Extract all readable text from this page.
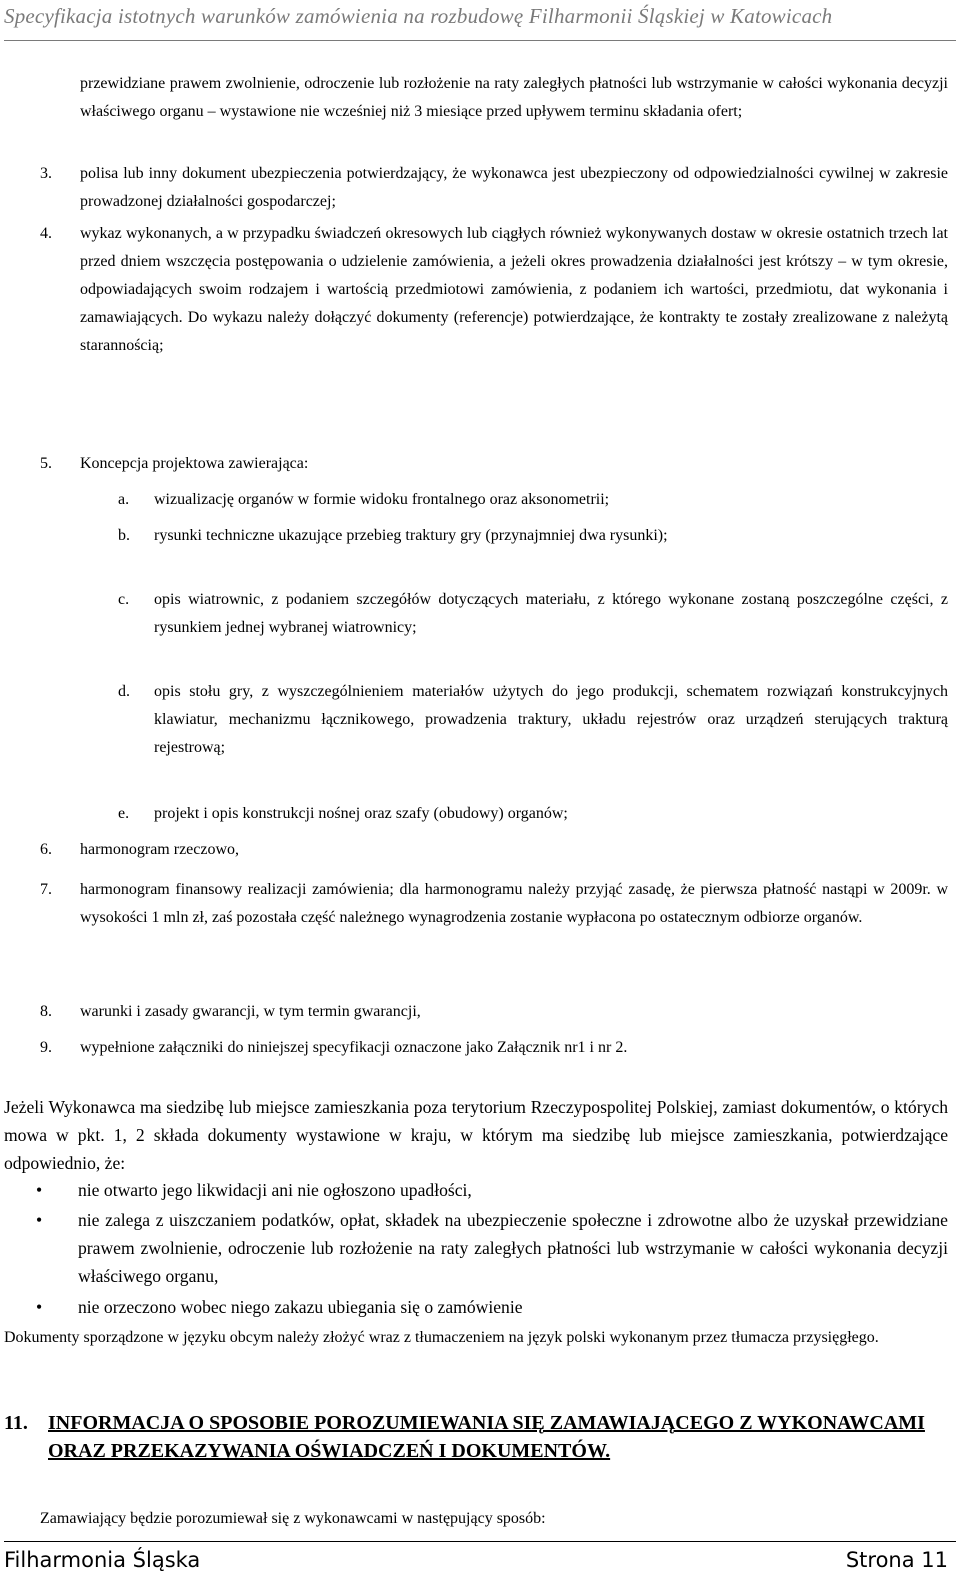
Specyfikacja istotnych warunków zamówienia na rozbudowę Filharmonii Śląskiej w Katowicach
przewidziane prawem zwolnienie, odroczenie lub rozłożenie na raty zaległych płatności lub wstrzymanie w całości wykonania decyzji właściwego organu – wystawione nie wcześniej niż 3 miesiące przed upływem terminu składania ofert;
3. polisa lub inny dokument ubezpieczenia potwierdzający, że wykonawca jest ubezpieczony od odpowiedzialności cywilnej w zakresie prowadzonej działalności gospodarczej;
4. wykaz wykonanych, a w przypadku świadczeń okresowych lub ciągłych również wykonywanych dostaw w okresie ostatnich trzech lat przed dniem wszczęcia postępowania o udzielenie zamówienia, a jeżeli okres prowadzenia działalności jest krótszy – w tym okresie, odpowiadających swoim rodzajem i wartością przedmiotowi zamówienia, z podaniem ich wartości, przedmiotu, dat wykonania i zamawiających. Do wykazu należy dołączyć dokumenty (referencje) potwierdzające, że kontrakty te zostały zrealizowane z należytą starannością;
5. Koncepcja projektowa zawierająca:
a. wizualizację organów w formie widoku frontalnego oraz aksonometrii;
b. rysunki techniczne ukazujące przebieg traktury gry (przynajmniej dwa rysunki);
c. opis wiatrownic, z podaniem szczegółów dotyczących materiału, z którego wykonane zostaną poszczególne części, z rysunkiem jednej wybranej wiatrownicy;
d. opis stołu gry, z wyszczególnieniem materiałów użytych do jego produkcji, schematem rozwiązań konstrukcyjnych klawiatur, mechanizmu łącznikowego, prowadzenia traktury, układu rejestrów oraz urządzeń sterujących trakturą rejestrową;
e. projekt i opis konstrukcji nośnej oraz szafy (obudowy) organów;
6. harmonogram rzeczowo,
7. harmonogram finansowy realizacji zamówienia; dla harmonogramu należy przyjąć zasadę, że pierwsza płatność nastąpi w 2009r. w wysokości 1 mln zł, zaś pozostała część należnego wynagrodzenia zostanie wypłacona po ostatecznym odbiorze organów.
8. warunki i zasady gwarancji, w tym termin gwarancji,
9. wypełnione załączniki do niniejszej specyfikacji oznaczone jako Załącznik nr1 i nr 2.
Jeżeli Wykonawca ma siedzibę lub miejsce zamieszkania poza terytorium Rzeczypospolitej Polskiej, zamiast dokumentów, o których mowa w pkt. 1, 2 składa dokumenty wystawione w kraju, w którym ma siedzibę lub miejsce zamieszkania, potwierdzające odpowiednio, że:
• nie otwarto jego likwidacji ani nie ogłoszono upadłości,
• nie zalega z uiszczaniem podatków, opłat, składek na ubezpieczenie społeczne i zdrowotne albo że uzyskał przewidziane prawem zwolnienie, odroczenie lub rozłożenie na raty zaległych płatności lub wstrzymanie w całości wykonania decyzji właściwego organu,
• nie orzeczono wobec niego zakazu ubiegania się o zamówienie
Dokumenty sporządzone w języku obcym należy złożyć wraz z tłumaczeniem na język polski wykonanym przez tłumacza przysięgłego.
11. INFORMACJA O SPOSOBIE POROZUMIEWANIA SIĘ ZAMAWIAJĄCEGO Z WYKONAWCAMI ORAZ PRZEKAZYWANIA OŚWIADCZEŃ I DOKUMENTÓW.
Zamawiający będzie porozumiewał się z wykonawcami w następujący sposób:
Filharmonia Śląska	Strona 11
